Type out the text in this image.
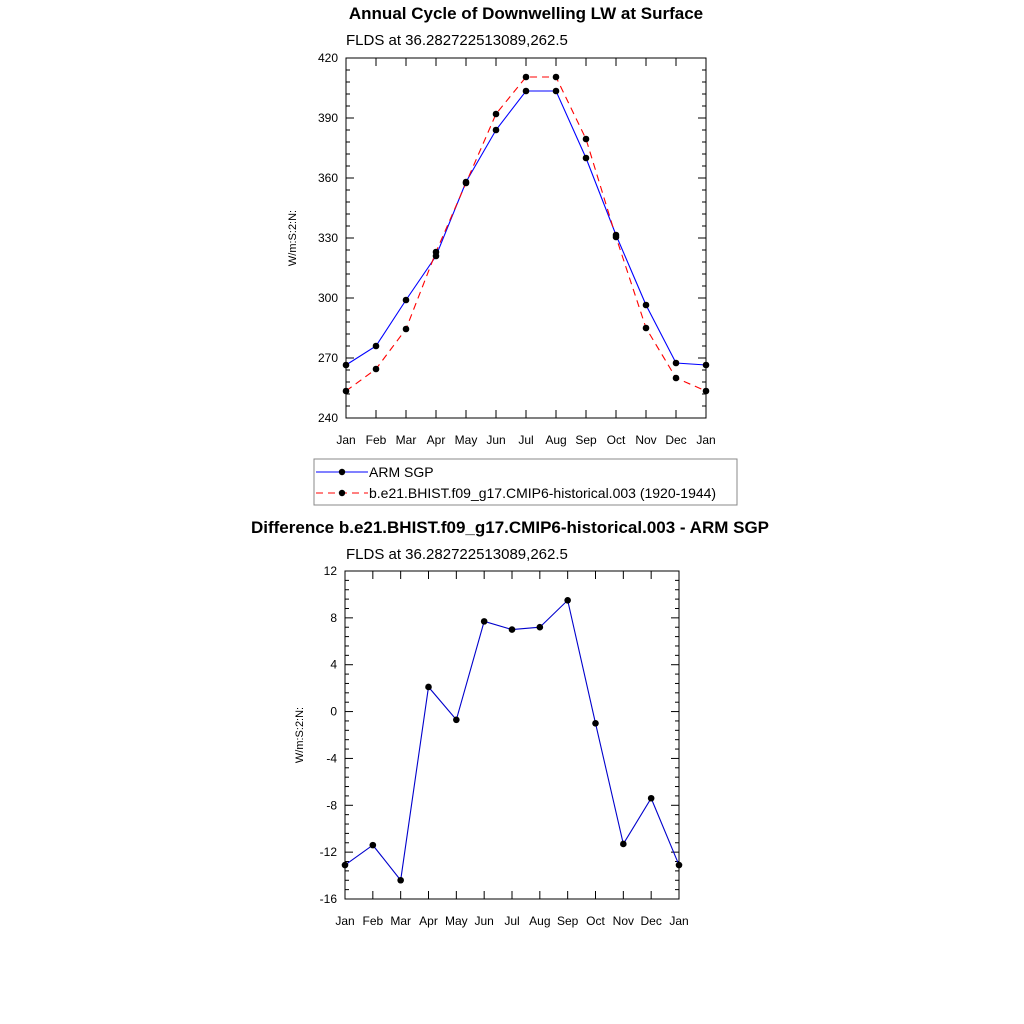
Annual Cycle of Downwelling LW at Surface
FLDS at 36.282722513089,262.5
W/m:S:2:N:
Jan Feb Mar Apr May Jun Jul Aug Sep Oct Nov Dec Jan
240
270
300
330
360
390
420
ARM SGP
b.e21.BHIST.f09_g17.CMIP6-historical.003 (1920-1944)
Difference b.e21.BHIST.f09_g17.CMIP6-historical.003 - ARM SGP
FLDS at 36.282722513089,262.5
W/m:S:2:N:
Jan Feb Mar Apr May Jun Jul Aug Sep Oct Nov Dec Jan
-16
-12
-8
-4
0
4
8
12
